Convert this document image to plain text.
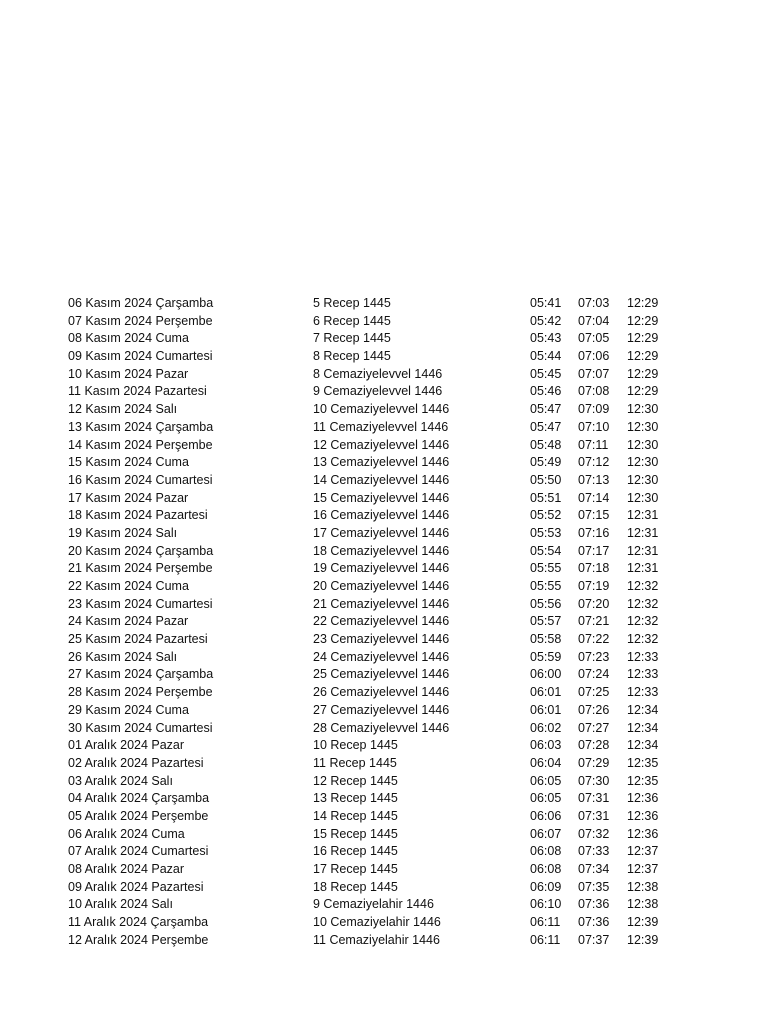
06 Kasım 2024 Çarşamba	5 Recep 1445	05:41 07:03 12:29
07 Kasım 2024 Perşembe	6 Recep 1445	05:42 07:04 12:29
08 Kasım 2024 Cuma	7 Recep 1445	05:43 07:05 12:29
09 Kasım 2024 Cumartesi	8 Recep 1445	05:44 07:06 12:29
10 Kasım 2024 Pazar	8 Cemaziyelevvel 1446	05:45 07:07 12:29
11 Kasım 2024 Pazartesi	9 Cemaziyelevvel 1446	05:46 07:08 12:29
12 Kasım 2024 Salı	10 Cemaziyelevvel 1446	05:47 07:09 12:30
13 Kasım 2024 Çarşamba	11 Cemaziyelevvel 1446	05:47 07:10 12:30
14 Kasım 2024 Perşembe	12 Cemaziyelevvel 1446	05:48 07:11 12:30
15 Kasım 2024 Cuma	13 Cemaziyelevvel 1446	05:49 07:12 12:30
16 Kasım 2024 Cumartesi	14 Cemaziyelevvel 1446	05:50 07:13 12:30
17 Kasım 2024 Pazar	15 Cemaziyelevvel 1446	05:51 07:14 12:30
18 Kasım 2024 Pazartesi	16 Cemaziyelevvel 1446	05:52 07:15 12:31
19 Kasım 2024 Salı	17 Cemaziyelevvel 1446	05:53 07:16 12:31
20 Kasım 2024 Çarşamba	18 Cemaziyelevvel 1446	05:54 07:17 12:31
21 Kasım 2024 Perşembe	19 Cemaziyelevvel 1446	05:55 07:18 12:31
22 Kasım 2024 Cuma	20 Cemaziyelevvel 1446	05:55 07:19 12:32
23 Kasım 2024 Cumartesi	21 Cemaziyelevvel 1446	05:56 07:20 12:32
24 Kasım 2024 Pazar	22 Cemaziyelevvel 1446	05:57 07:21 12:32
25 Kasım 2024 Pazartesi	23 Cemaziyelevvel 1446	05:58 07:22 12:32
26 Kasım 2024 Salı	24 Cemaziyelevvel 1446	05:59 07:23 12:33
27 Kasım 2024 Çarşamba	25 Cemaziyelevvel 1446	06:00 07:24 12:33
28 Kasım 2024 Perşembe	26 Cemaziyelevvel 1446	06:01 07:25 12:33
29 Kasım 2024 Cuma	27 Cemaziyelevvel 1446	06:01 07:26 12:34
30 Kasım 2024 Cumartesi	28 Cemaziyelevvel 1446	06:02 07:27 12:34
01 Aralık 2024 Pazar	10 Recep 1445	06:03 07:28 12:34
02 Aralık 2024 Pazartesi	11 Recep 1445	06:04 07:29 12:35
03 Aralık 2024 Salı	12 Recep 1445	06:05 07:30 12:35
04 Aralık 2024 Çarşamba	13 Recep 1445	06:05 07:31 12:36
05 Aralık 2024 Perşembe	14 Recep 1445	06:06 07:31 12:36
06 Aralık 2024 Cuma	15 Recep 1445	06:07 07:32 12:36
07 Aralık 2024 Cumartesi	16 Recep 1445	06:08 07:33 12:37
08 Aralık 2024 Pazar	17 Recep 1445	06:08 07:34 12:37
09 Aralık 2024 Pazartesi	18 Recep 1445	06:09 07:35 12:38
10 Aralık 2024 Salı	9 Cemaziyelahir 1446	06:10 07:36 12:38
11 Aralık 2024 Çarşamba	10 Cemaziyelahir 1446	06:11 07:36 12:39
12 Aralık 2024 Perşembe	11 Cemaziyelahir 1446	06:11 07:37 12:39
